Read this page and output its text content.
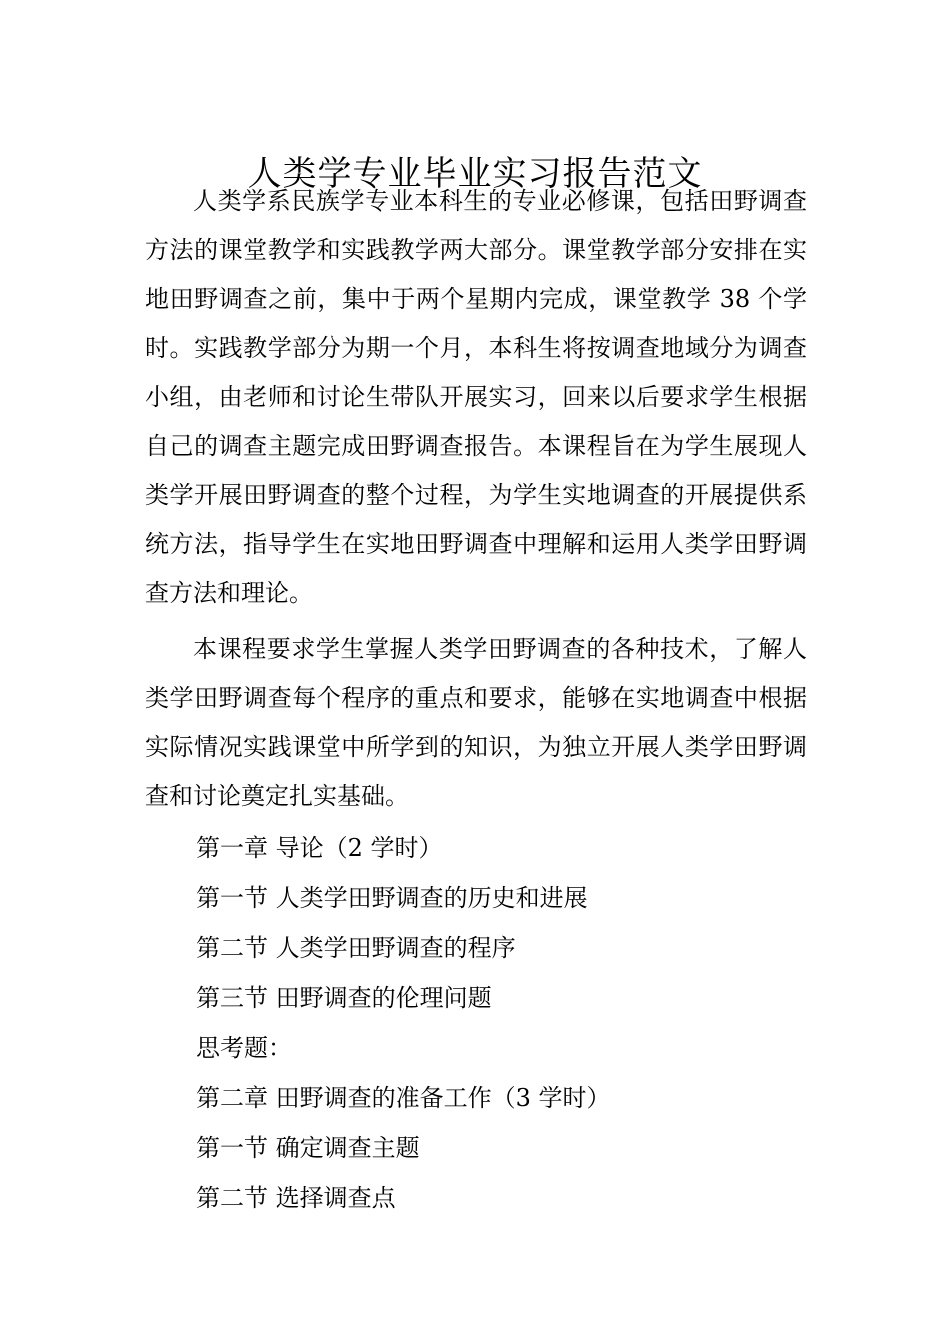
人类学专业毕业实习报告范文

人类学系民族学专业本科生的专业必修课，包括田野调查方法的课堂教学和实践教学两大部分。课堂教学部分安排在实地田野调查之前，集中于两个星期内完成，课堂教学 38 个学时。实践教学部分为期一个月，本科生将按调查地域分为调查小组，由老师和讨论生带队开展实习，回来以后要求学生根据自己的调查主题完成田野调查报告。本课程旨在为学生展现人类学开展田野调查的整个过程，为学生实地调查的开展提供系统方法，指导学生在实地田野调查中理解和运用人类学田野调查方法和理论。

本课程要求学生掌握人类学田野调查的各种技术，了解人类学田野调查每个程序的重点和要求，能够在实地调查中根据实际情况实践课堂中所学到的知识，为独立开展人类学田野调查和讨论奠定扎实基础。

第一章 导论（2 学时）
第一节 人类学田野调查的历史和进展
第二节 人类学田野调查的程序
第三节 田野调查的伦理问题
思考题：
第二章 田野调查的准备工作（3 学时）
第一节 确定调查主题
第二节 选择调查点
